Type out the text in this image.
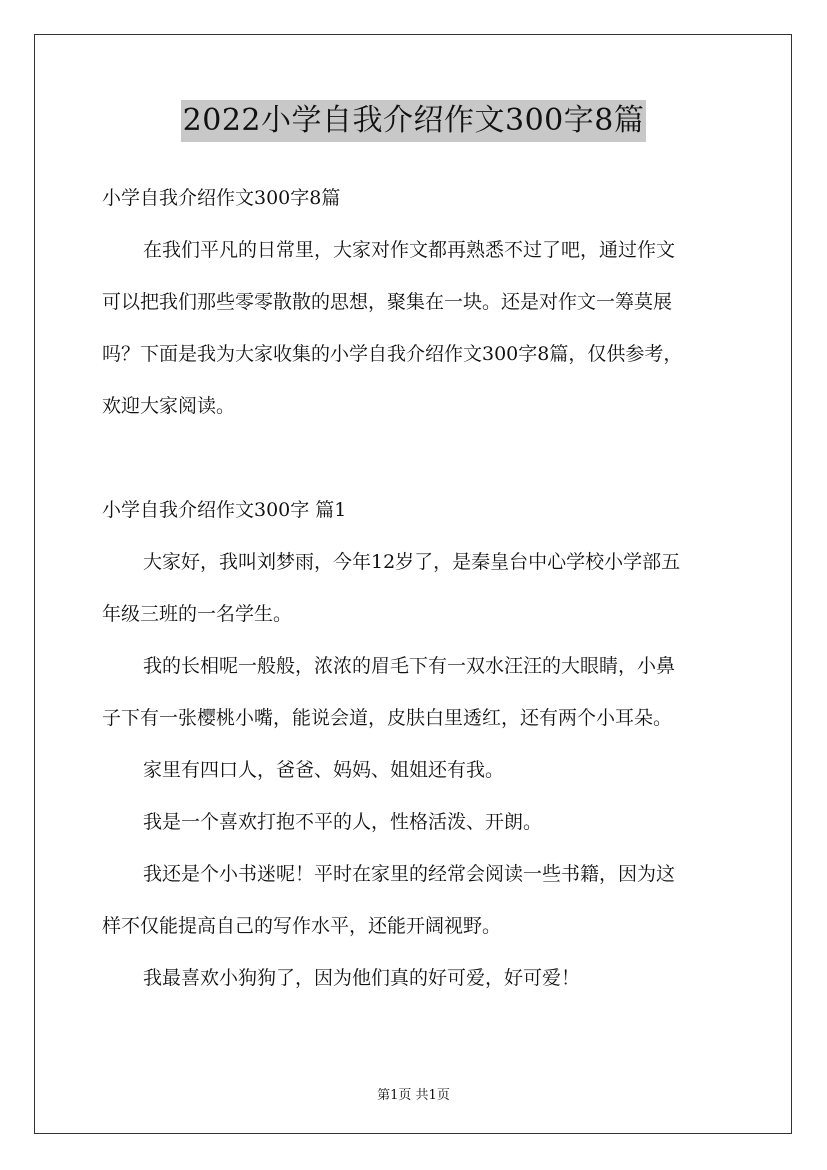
2022小学自我介绍作文300字8篇
小学自我介绍作文300字8篇
在我们平凡的日常里，大家对作文都再熟悉不过了吧，通过作文
可以把我们那些零零散散的思想，聚集在一块。还是对作文一筹莫展
吗？下面是我为大家收集的小学自我介绍作文300字8篇，仅供参考，
欢迎大家阅读。
小学自我介绍作文300字 篇1
大家好，我叫刘梦雨，今年12岁了，是秦皇台中心学校小学部五
年级三班的一名学生。
我的长相呢一般般，浓浓的眉毛下有一双水汪汪的大眼睛，小鼻
子下有一张樱桃小嘴，能说会道，皮肤白里透红，还有两个小耳朵。
家里有四口人，爸爸、妈妈、姐姐还有我。
我是一个喜欢打抱不平的人，性格活泼、开朗。
我还是个小书迷呢！平时在家里的经常会阅读一些书籍，因为这
样不仅能提高自己的写作水平，还能开阔视野。
我最喜欢小狗狗了，因为他们真的好可爱，好可爱！
第1页 共1页
